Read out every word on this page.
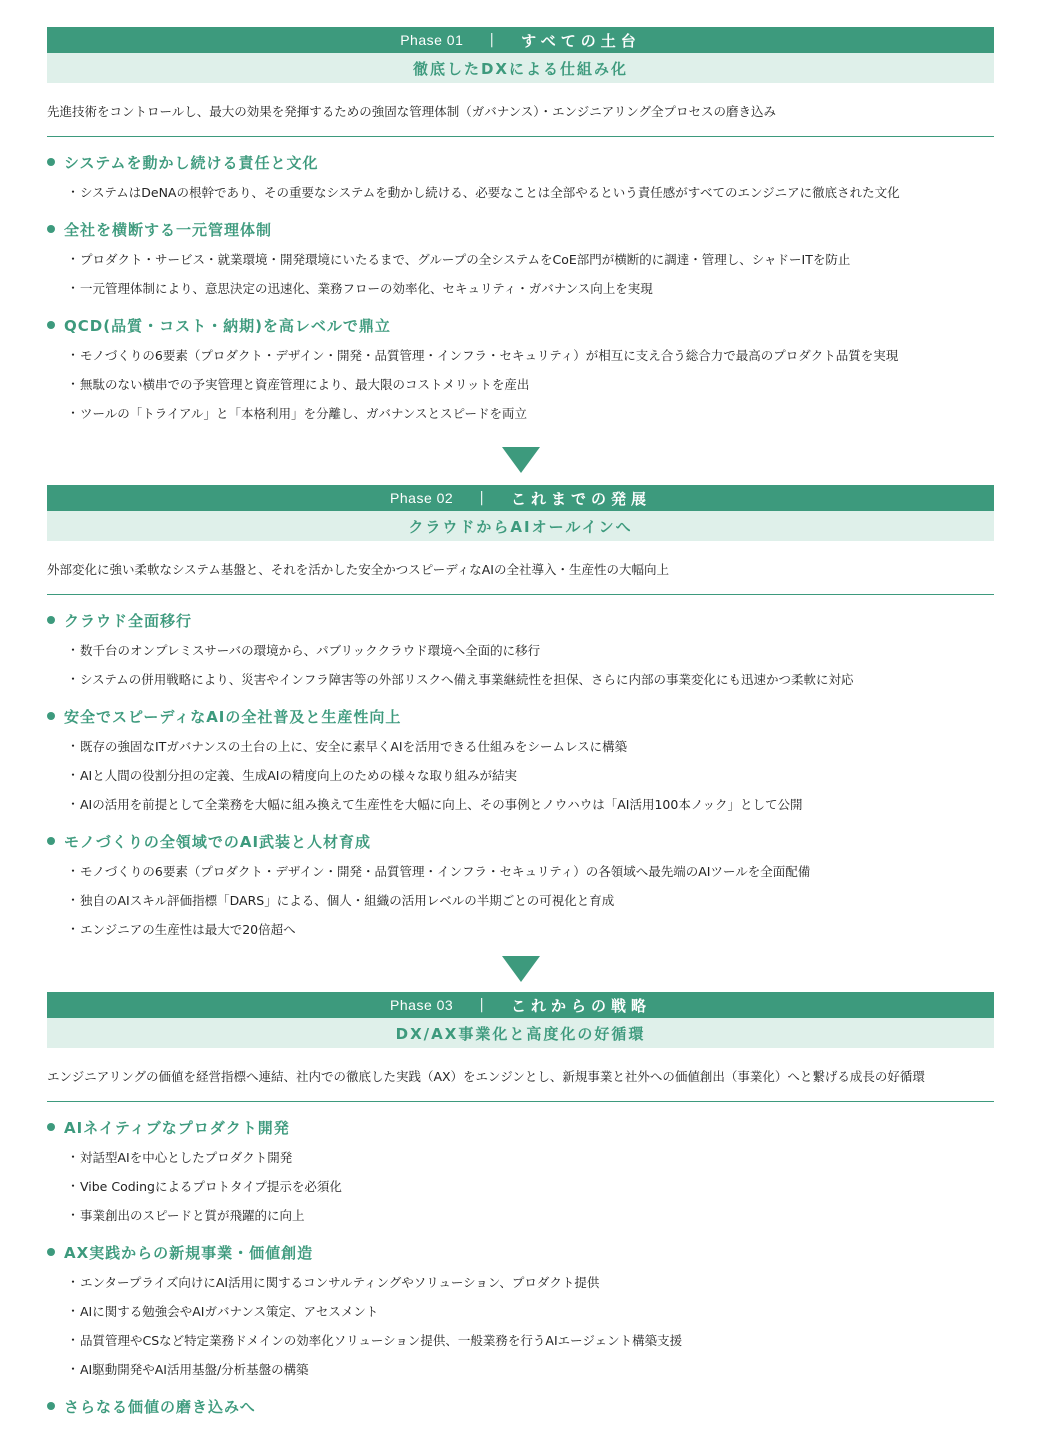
Phase 01 | すべての土台
徹底したDXによる仕組み化
先進技術をコントロールし、最大の効果を発揮するための強固な管理体制（ガバナンス）・エンジニアリング全プロセスの磨き込み
システムを動かし続ける責任と文化
・ システムはDeNAの根幹であり、その重要なシステムを動かし続ける、必要なことは全部やるという責任感がすべてのエンジニアに徹底された文化
全社を横断する一元管理体制
・ プロダクト・サービス・就業環境・開発環境にいたるまで、グループの全システムをCoE部門が横断的に調達・管理し、シャドーITを防止
・ 一元管理体制により、意思決定の迅速化、業務フローの効率化、セキュリティ・ガバナンス向上を実現
QCD(品質・コスト・納期)を高レベルで鼎立
・ モノづくりの6要素（プロダクト・デザイン・開発・品質管理・インフラ・セキュリティ）が相互に支え合う総合力で最高のプロダクト品質を実現
・ 無駄のない横串での予実管理と資産管理により、最大限のコストメリットを産出
・ ツールの「トライアル」と「本格利用」を分離し、ガバナンスとスピードを両立
Phase 02 | これまでの発展
クラウドからAIオールインへ
外部変化に強い柔軟なシステム基盤と、それを活かした安全かつスピーディなAIの全社導入・生産性の大幅向上
クラウド全面移行
・ 数千台のオンプレミスサーバの環境から、パブリッククラウド環境へ全面的に移行
・ システムの併用戦略により、災害やインフラ障害等の外部リスクへ備え事業継続性を担保、さらに内部の事業変化にも迅速かつ柔軟に対応
安全でスピーディなAIの全社普及と生産性向上
・ 既存の強固なITガバナンスの土台の上に、安全に素早くAIを活用できる仕組みをシームレスに構築
・ AIと人間の役割分担の定義、生成AIの精度向上のための様々な取り組みが結実
・ AIの活用を前提として全業務を大幅に組み換えて生産性を大幅に向上、その事例とノウハウは「AI活用100本ノック」として公開
モノづくりの全領域でのAI武装と人材育成
・ モノづくりの6要素（プロダクト・デザイン・開発・品質管理・インフラ・セキュリティ）の各領域へ最先端のAIツールを全面配備
・ 独自のAIスキル評価指標「DARS」による、個人・組織の活用レベルの半期ごとの可視化と育成
・ エンジニアの生産性は最大で20倍超へ
Phase 03 | これからの戦略
DX/AX事業化と高度化の好循環
エンジニアリングの価値を経営指標へ連結、社内での徹底した実践（AX）をエンジンとし、新規事業と社外への価値創出（事業化）へと繋げる成長の好循環
AIネイティブなプロダクト開発
・ 対話型AIを中心としたプロダクト開発
・ Vibe Codingによるプロトタイプ提示を必須化
・ 事業創出のスピードと質が飛躍的に向上
AX実践からの新規事業・価値創造
・ エンタープライズ向けにAI活用に関するコンサルティングやソリューション、プロダクト提供
・ AIに関する勉強会やAIガバナンス策定、アセスメント
・ 品質管理やCSなど特定業務ドメインの効率化ソリューション提供、一般業務を行うAIエージェント構築支援
・ AI駆動開発やAI活用基盤/分析基盤の構築
さらなる価値の磨き込みへ
